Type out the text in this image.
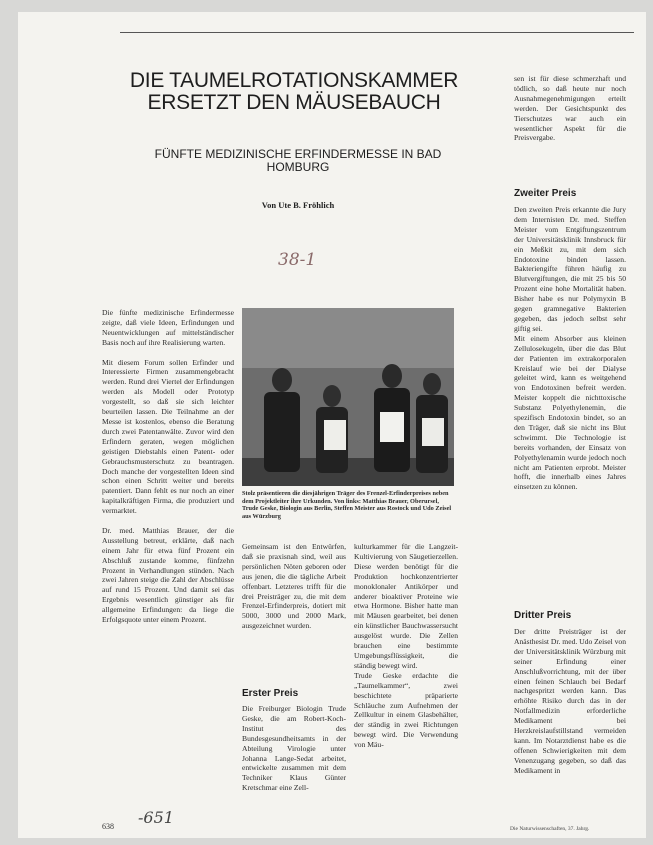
DIE TAUMELROTATIONSKAMMER ERSETZT DEN MÄUSEBAUCH
FÜNFTE MEDIZINISCHE ERFINDERMESSE IN BAD HOMBURG
Von Ute B. Fröhlich
38-1
Die fünfte medizinische Erfindermesse zeigte, daß viele Ideen, Erfindungen und Neuentwicklungen auf mittelständischer Basis noch auf ihre Realisierung warten.

Mit diesem Forum sollen Erfinder und Interessierte Firmen zusammengebracht werden. Rund drei Viertel der Erfindungen werden als Modell oder Prototyp vorgestellt, so daß sie sich leichter beurteilen lassen. Die Teilnahme an der Messe ist kostenlos, ebenso die Beratung durch zwei Patentanwälte. Zuvor wird den Erfindern geraten, wegen möglichen geistigen Diebstahls einen Patent- oder Gebrauchsmusterschutz zu beantragen. Doch manche der vorgestellten Ideen sind schon einen Schritt weiter und bereits patentiert. Dann fehlt es nur noch an einer kapitalkräftigen Firma, die produziert und vermarktet.

Dr. med. Matthias Brauer, der die Ausstellung betreut, erklärte, daß nach einem Jahr für etwa fünf Prozent ein Abschluß zustande komme, fünfzehn Prozent in Verhandlungen stünden. Nach zwei Jahren steige die Zahl der Abschlüsse auf rund 15 Prozent. Und damit sei das Ergebnis wesentlich günstiger als für allgemeine Erfindungen: da liege die Erfolgsquote unter einem Prozent.
Stolz präsentieren die diesjährigen Träger des Frenzel-Erfinderpreises neben dem Projektleiter ihre Urkunden. Von links: Matthias Brauer, Oberursel, Trude Geske, Biologin aus Berlin, Steffen Meister aus Rostock und Udo Zeisel aus Würzburg
Gemeinsam ist den Entwürfen, daß sie praxisnah sind, weil aus persönlichen Nöten geboren oder aus jenen, die die tägliche Arbeit offenbart. Letzteres trifft für die drei Preisträger zu, die mit dem Frenzel-Erfinderpreis, dotiert mit 5000, 3000 und 2000 Mark, ausgezeichnet wurden.
Erster Preis
Die Freiburger Biologin Trude Geske, die am Robert-Koch-Institut des Bundesgesundheitsamts in der Abteilung Virologie unter Johanna Lange-Sedat arbeitet, entwickelte zusammen mit dem Techniker Klaus Günter Kretschmar eine Zell-
kulturkammer für die Langzeit-Kultivierung von Säugetierzellen. Diese werden benötigt für die Produktion hochkonzentrierter monoklonaler Antikörper und anderer bioaktiver Proteine wie etwa Hormone. Bisher hatte man mit Mäusen gearbeitet, bei denen ein künstlicher Bauchwassersucht ausgelöst wurde. Die Zellen brauchen eine bestimmte Umgebungsflüssigkeit, die ständig bewegt wird.
Trude Geske erdachte die „Taumelkammer“, zwei beschichtete präparierte Schläuche zum Aufnehmen der Zellkultur in einem Glasbehälter, der ständig in zwei Richtungen bewegt wird. Die Verwendung von Mäu-
sen ist für diese schmerzhaft und tödlich, so daß heute nur noch Ausnahmegenehmigungen erteilt werden. Der Gesichtspunkt des Tierschutzes war auch ein wesentlicher Aspekt für die Preisvergabe.
Zweiter Preis
Den zweiten Preis erkannte die Jury dem Internisten Dr. med. Steffen Meister vom Entgiftungszentrum der Universitätsklinik Innsbruck für ein Meßkit zu, mit dem sich Endotoxine binden lassen. Bakteriengifte führen häufig zu Blutvergiftungen, die mit 25 bis 50 Prozent eine hohe Mortalität haben. Bisher habe es nur Polymyxin B gegen gramnegative Bakterien gegeben, das jedoch selbst sehr giftig sei.
Mit einem Absorber aus kleinen Zellulosekugeln, über die das Blut der Patienten im extrakorporalen Kreislauf wie bei der Dialyse geleitet wird, kann es weitgehend von Endotoxinen befreit werden. Meister koppelt die nichttoxische Substanz Polyethylenemin, die spezifisch Endotoxin bindet, so an den Träger, daß sie nicht ins Blut schwimmt. Die Technologie ist bereits vorhanden, der Einsatz von Polyethylenamin wurde jedoch noch nicht am Patienten erprobt. Meister hofft, die innerhalb eines Jahres einsetzen zu können.
Dritter Preis
Der dritte Preisträger ist der Anästhesist Dr. med. Udo Zeisel von der Universitätsklinik Würzburg mit seiner Erfindung einer Anschlußvorrichtung, mit der über einen feinen Schlauch bei Bedarf nachgespritzt werden kann. Das erhöhte Risiko durch das in der Notfallmedizin erforderliche Medikament bei Herzkreislaufstillstand vermeiden kann. Im Notarztdienst habe es die offenen Schwierigkeiten mit dem Venenzugang gegeben, so daß das Medikament in
638 -651
Die Naturwissenschaften, 37. Jahrg.
